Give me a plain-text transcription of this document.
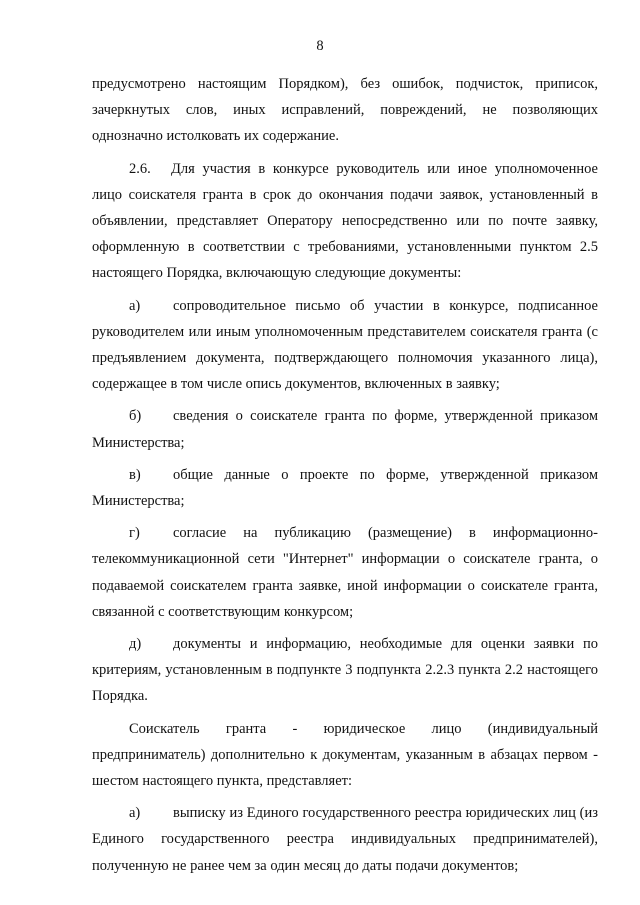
8

предусмотрено настоящим Порядком), без ошибок, подчисток, приписок, зачеркнутых слов, иных исправлений, повреждений, не позволяющих однозначно истолковать их содержание.

2.6. Для участия в конкурсе руководитель или иное уполномоченное лицо соискателя гранта в срок до окончания подачи заявок, установленный в объявлении, представляет Оператору непосредственно или по почте заявку, оформленную в соответствии с требованиями, установленными пунктом 2.5 настоящего Порядка, включающую следующие документы:

а) сопроводительное письмо об участии в конкурсе, подписанное руководителем или иным уполномоченным представителем соискателя гранта (с предъявлением документа, подтверждающего полномочия указанного лица), содержащее в том числе опись документов, включенных в заявку;

б) сведения о соискателе гранта по форме, утвержденной приказом Министерства;

в) общие данные о проекте по форме, утвержденной приказом Министерства;

г) согласие на публикацию (размещение) в информационно-телекоммуникационной сети "Интернет" информации о соискателе гранта, о подаваемой соискателем гранта заявке, иной информации о соискателе гранта, связанной с соответствующим конкурсом;

д) документы и информацию, необходимые для оценки заявки по критериям, установленным в подпункте 3 подпункта 2.2.3 пункта 2.2 настоящего Порядка.

Соискатель гранта - юридическое лицо (индивидуальный предприниматель) дополнительно к документам, указанным в абзацах первом - шестом настоящего пункта, представляет:

а) выписку из Единого государственного реестра юридических лиц (из Единого государственного реестра индивидуальных предпринимателей), полученную не ранее чем за один месяц до даты подачи документов;
